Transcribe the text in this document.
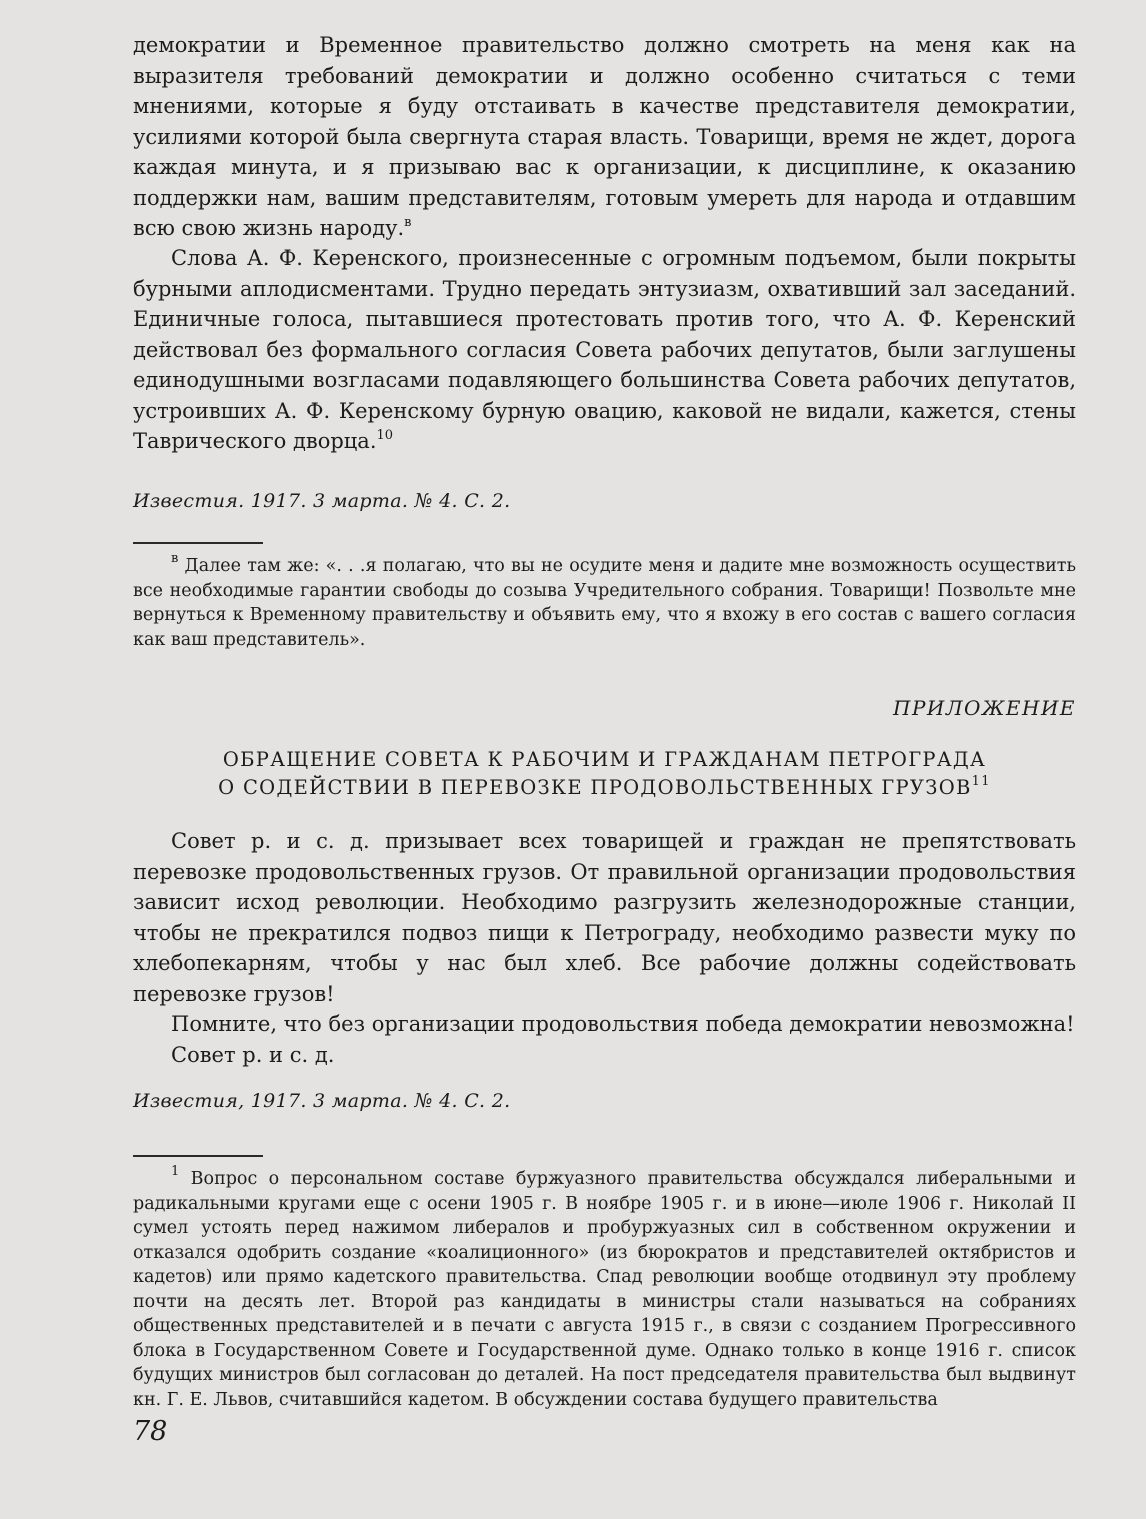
демократии и Временное правительство должно смотреть на меня как на выразителя требований демократии и должно особенно считаться с теми мнениями, которые я буду отстаивать в качестве представителя демократии, усилиями которой была свергнута старая власть. Товарищи, время не ждет, дорога каждая минута, и я призываю вас к организации, к дисциплине, к оказанию поддержки нам, вашим представителям, готовым умереть для народа и отдавшим всю свою жизнь народу.$^в$

Слова А. Ф. Керенского, произнесенные с огромным подъемом, были покрыты бурными аплодисментами. Трудно передать энтузиазм, охвативший зал заседаний. Единичные голоса, пытавшиеся протестовать против того, что А. Ф. Керенский действовал без формального согласия Совета рабочих депутатов, были заглушены единодушными возгласами подавляющего большинства Совета рабочих депутатов, устроивших А. Ф. Керенскому бурную овацию, каковой не видали, кажется, стены Таврического дворца.$^{10}$

Известия. 1917. 3 марта. № 4. С. 2.

$^в$ Далее там же: «. . .я полагаю, что вы не осудите меня и дадите мне возможность осуществить все необходимые гарантии свободы до созыва Учредительного собрания. Товарищи! Позвольте мне вернуться к Временному правительству и объявить ему, что я вхожу в его состав с вашего согласия как ваш представитель».

ПРИЛОЖЕНИЕ
ОБРАЩЕНИЕ СОВЕТА К РАБОЧИМ И ГРАЖДАНАМ ПЕТРОГРАДА
О СОДЕЙСТВИИ В ПЕРЕВОЗКЕ ПРОДОВОЛЬСТВЕННЫХ ГРУЗОВ$^{11}$

Совет р. и с. д. призывает всех товарищей и граждан не препятствовать перевозке продовольственных грузов. От правильной организации продовольствия зависит исход революции. Необходимо разгрузить железнодорожные станции, чтобы не прекратился подвоз пищи к Петрограду, необходимо развести муку по хлебопекарням, чтобы у нас был хлеб. Все рабочие должны содействовать перевозке грузов!

Помните, что без организации продовольствия победа демократии невозможна!

Совет р. и с. д.

Известия, 1917. 3 марта. № 4. С. 2.

$^1$ Вопрос о персональном составе буржуазного правительства обсуждался либеральными и радикальными кругами еще с осени 1905 г. В ноябре 1905 г. и в июне—июле 1906 г. Николай II сумел устоять перед нажимом либералов и пробуржуазных сил в собственном окружении и отказался одобрить создание «коалиционного» (из бюрократов и представителей октябристов и кадетов) или прямо кадетского правительства. Спад революции вообще отодвинул эту проблему почти на десять лет. Второй раз кандидаты в министры стали называться на собраниях общественных представителей и в печати с августа 1915 г., в связи с созданием Прогрессивного блока в Государственном Совете и Государственной думе. Однако только в конце 1916 г. список будущих министров был согласован до деталей. На пост председателя правительства был выдвинут кн. Г. Е. Львов, считавшийся кадетом. В обсуждении состава будущего правительства

78
